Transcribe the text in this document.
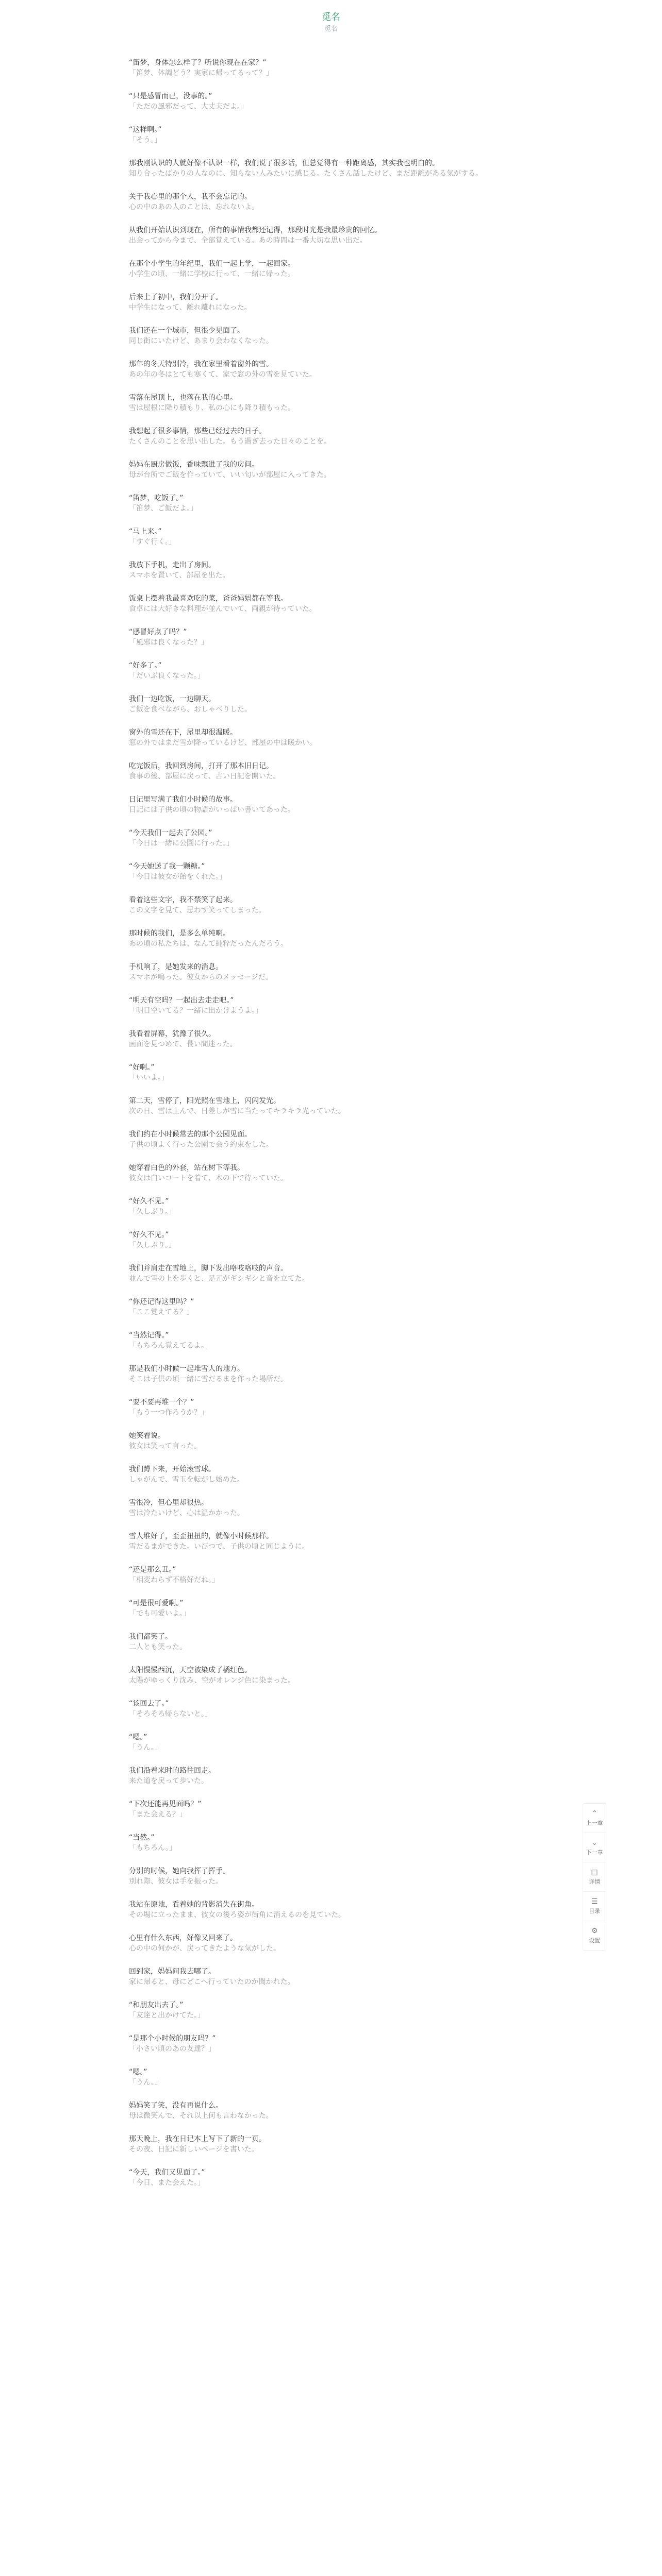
觅名
觅名

“笛梦，身体怎么样了？听说你现在在家？”

「笛梦、体調どう？実家に帰ってるって？」

“只是感冒而已，没事的。”

「ただの風邪だって、大丈夫だよ。」

“这样啊。”

「そう。」

那我刚认识的人就好像不认识一样，我们说了很多话，但总觉得有一种距离感，其实我也明白的。

知り合ったばかりの人なのに、知らない人みたいに感じる。たくさん話したけど、まだ距離がある気がする。

关于我心里的那个人，我不会忘记的。

心の中のあの人のことは、忘れないよ。

从我们开始认识到现在，所有的事情我都还记得，那段时光是我最珍贵的回忆。

出会ってから今まで、全部覚えている。あの時間は一番大切な思い出だ。

在那个小学生的年纪里，我们一起上学，一起回家。

小学生の頃、一緒に学校に行って、一緒に帰った。

后来上了初中，我们分开了。

中学生になって、離れ離れになった。

我们还在一个城市，但很少见面了。

同じ街にいたけど、あまり会わなくなった。

那年的冬天特别冷，我在家里看着窗外的雪。

あの年の冬はとても寒くて、家で窓の外の雪を見ていた。

雪落在屋顶上，也落在我的心里。

雪は屋根に降り積もり、私の心にも降り積もった。

我想起了很多事情，那些已经过去的日子。

たくさんのことを思い出した。もう過ぎ去った日々のことを。

妈妈在厨房做饭，香味飘进了我的房间。

母が台所でご飯を作っていて、いい匂いが部屋に入ってきた。

“笛梦，吃饭了。”

「笛梦、ご飯だよ。」

“马上来。”

「すぐ行く。」

我放下手机，走出了房间。

スマホを置いて、部屋を出た。

饭桌上摆着我最喜欢吃的菜，爸爸妈妈都在等我。

食卓には大好きな料理が並んでいて、両親が待っていた。

“感冒好点了吗？”

「風邪は良くなった？」

“好多了。”

「だいぶ良くなった。」

我们一边吃饭，一边聊天。

ご飯を食べながら、おしゃべりした。

窗外的雪还在下，屋里却很温暖。

窓の外ではまだ雪が降っているけど、部屋の中は暖かい。

吃完饭后，我回到房间，打开了那本旧日记。

食事の後、部屋に戻って、古い日記を開いた。

日记里写满了我们小时候的故事。

日記には子供の頃の物語がいっぱい書いてあった。

“今天我们一起去了公园。”

「今日は一緒に公園に行った。」

“今天她送了我一颗糖。”

「今日は彼女が飴をくれた。」

看着这些文字，我不禁笑了起来。

この文字を見て、思わず笑ってしまった。

那时候的我们，是多么单纯啊。

あの頃の私たちは、なんて純粋だったんだろう。

手机响了，是她发来的消息。

スマホが鳴った。彼女からのメッセージだ。

“明天有空吗？一起出去走走吧。”

「明日空いてる？一緒に出かけようよ。」

我看着屏幕，犹豫了很久。

画面を見つめて、長い間迷った。

“好啊。”

「いいよ。」

第二天，雪停了，阳光照在雪地上，闪闪发光。

次の日、雪は止んで、日差しが雪に当たってキラキラ光っていた。

我们约在小时候常去的那个公园见面。

子供の頃よく行った公園で会う約束をした。

她穿着白色的外套，站在树下等我。

彼女は白いコートを着て、木の下で待っていた。

“好久不见。”

「久しぶり。」

“好久不见。”

「久しぶり。」

我们并肩走在雪地上，脚下发出咯吱咯吱的声音。

並んで雪の上を歩くと、足元がギシギシと音を立てた。

“你还记得这里吗？”

「ここ覚えてる？」

“当然记得。”

「もちろん覚えてるよ。」

那是我们小时候一起堆雪人的地方。

そこは子供の頃一緒に雪だるまを作った場所だ。

“要不要再堆一个？”

「もう一つ作ろうか？」

她笑着说。

彼女は笑って言った。

我们蹲下来，开始滚雪球。

しゃがんで、雪玉を転がし始めた。

雪很冷，但心里却很热。

雪は冷たいけど、心は温かかった。

雪人堆好了，歪歪扭扭的，就像小时候那样。

雪だるまができた。いびつで、子供の頃と同じように。

“还是那么丑。”

「相変わらず不格好だね。」

“可是很可爱啊。”

「でも可愛いよ。」

我们都笑了。

二人とも笑った。

太阳慢慢西沉，天空被染成了橘红色。

太陽がゆっくり沈み、空がオレンジ色に染まった。

“该回去了。”

「そろそろ帰らないと。」

“嗯。”

「うん。」

我们沿着来时的路往回走。

来た道を戻って歩いた。

“下次还能再见面吗？”

「また会える？」

“当然。”

「もちろん。」

分别的时候，她向我挥了挥手。

別れ際、彼女は手を振った。

我站在原地，看着她的背影消失在街角。

その場に立ったまま、彼女の後ろ姿が街角に消えるのを見ていた。

心里有什么东西，好像又回来了。

心の中の何かが、戻ってきたような気がした。

回到家，妈妈问我去哪了。

家に帰ると、母にどこへ行っていたのか聞かれた。

“和朋友出去了。”

「友達と出かけてた。」

“是那个小时候的朋友吗？”

「小さい頃のあの友達？」

“嗯。”

「うん。」

妈妈笑了笑，没有再说什么。

母は微笑んで、それ以上何も言わなかった。

那天晚上，我在日记本上写下了新的一页。

その夜、日記に新しいページを書いた。

“今天，我们又见面了。”

「今日、また会えた。」

⌃
上一章
⌄
下一章
▤
详情
☰
目录
⚙
设置
